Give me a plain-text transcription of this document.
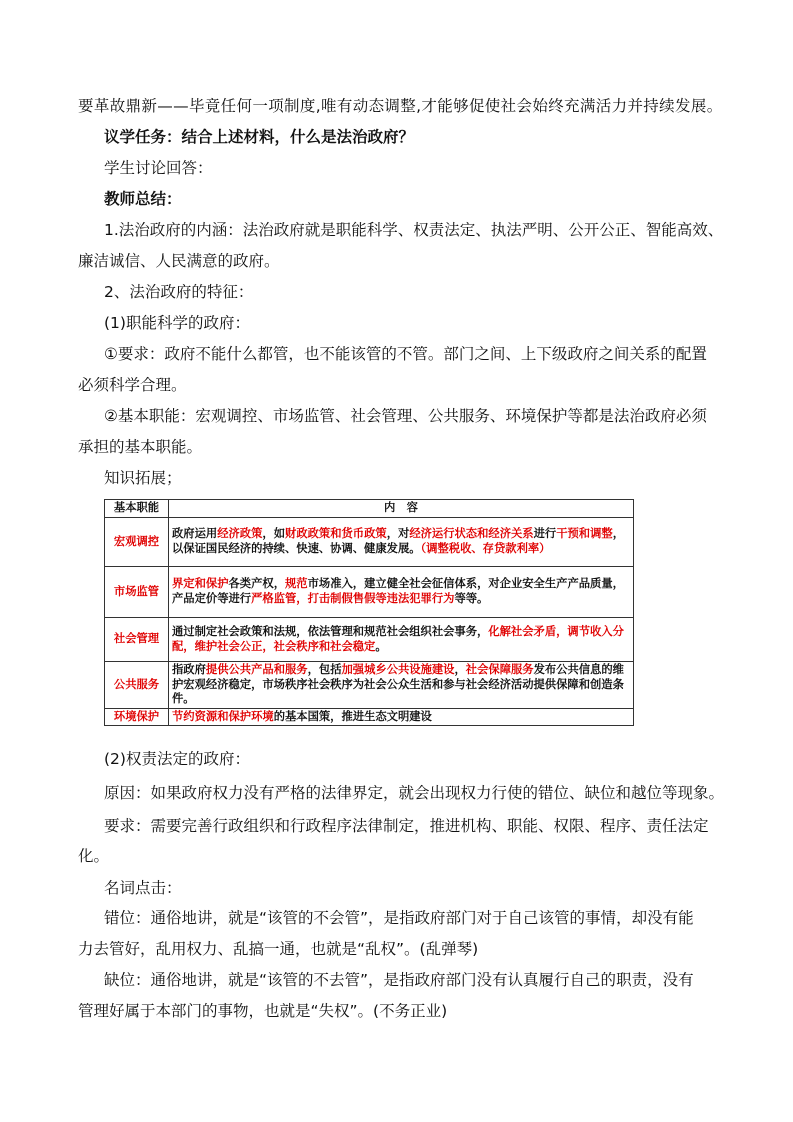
要革故鼎新——毕竟任何一项制度,唯有动态调整,才能够促使社会始终充满活力并持续发展。
议学任务：结合上述材料，什么是法治政府？
学生讨论回答：
教师总结：
1.法治政府的内涵：法治政府就是职能科学、权责法定、执法严明、公开公正、智能高效、
廉洁诚信、人民满意的政府。
2、法治政府的特征：
(1)职能科学的政府：
①要求：政府不能什么都管，也不能该管的不管。部门之间、上下级政府之间关系的配置
必须科学合理。
②基本职能：宏观调控、市场监管、社会管理、公共服务、环境保护等都是法治政府必须
承担的基本职能。
知识拓展；
基本职能	内　容
宏观调控	政府运用经济政策，如财政政策和货币政策，对经济运行状态和经济关系进行干预和调整，以保证国民经济的持续、快速、协调、健康发展。（调整税收、存贷款利率）
市场监管	界定和保护各类产权，规范市场准入，建立健全社会征信体系，对企业安全生产产品质量，产品定价等进行严格监管，打击制假售假等违法犯罪行为等等。
社会管理	通过制定社会政策和法规，依法管理和规范社会组织社会事务，化解社会矛盾，调节收入分配，维护社会公正，社会秩序和社会稳定。
公共服务	指政府提供公共产品和服务，包括加强城乡公共设施建设，社会保障服务发布公共信息的维护宏观经济稳定，市场秩序社会秩序为社会公众生活和参与社会经济活动提供保障和创造条件。
环境保护	节约资源和保护环境的基本国策，推进生态文明建设
(2)权责法定的政府：
原因：如果政府权力没有严格的法律界定，就会出现权力行使的错位、缺位和越位等现象。
要求：需要完善行政组织和行政程序法律制定，推进机构、职能、权限、程序、责任法定
化。
名词点击：
错位：通俗地讲，就是“该管的不会管”，是指政府部门对于自己该管的事情，却没有能
力去管好，乱用权力、乱搞一通，也就是“乱权”。(乱弹琴)
缺位：通俗地讲，就是“该管的不去管”，是指政府部门没有认真履行自己的职责，没有
管理好属于本部门的事物，也就是“失权”。(不务正业)
